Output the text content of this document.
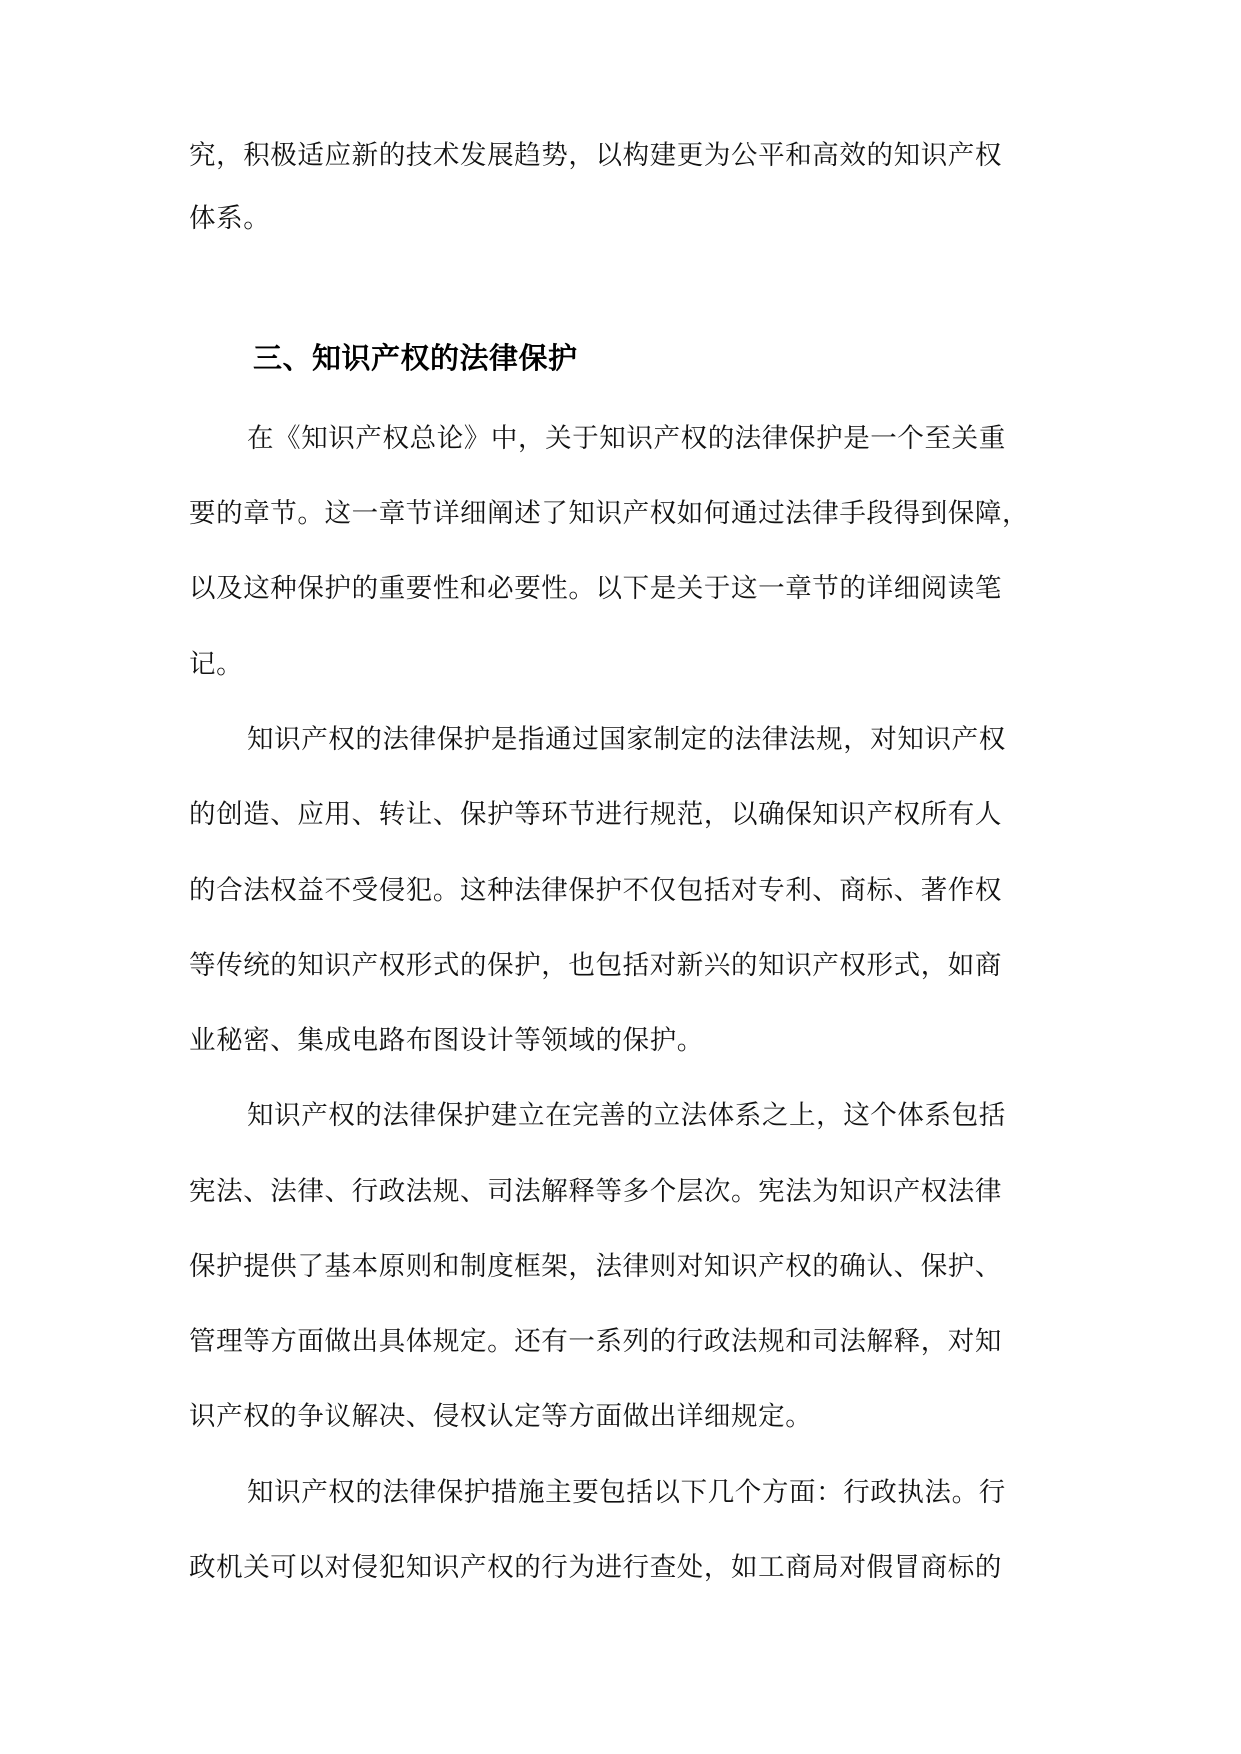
究，积极适应新的技术发展趋势，以构建更为公平和高效的知识产权

体系。

三、知识产权的法律保护

在《知识产权总论》中，关于知识产权的法律保护是一个至关重

要的章节。这一章节详细阐述了知识产权如何通过法律手段得到保障，

以及这种保护的重要性和必要性。以下是关于这一章节的详细阅读笔

记。

知识产权的法律保护是指通过国家制定的法律法规，对知识产权

的创造、应用、转让、保护等环节进行规范，以确保知识产权所有人

的合法权益不受侵犯。这种法律保护不仅包括对专利、商标、著作权

等传统的知识产权形式的保护，也包括对新兴的知识产权形式，如商

业秘密、集成电路布图设计等领域的保护。

知识产权的法律保护建立在完善的立法体系之上，这个体系包括

宪法、法律、行政法规、司法解释等多个层次。宪法为知识产权法律

保护提供了基本原则和制度框架，法律则对知识产权的确认、保护、

管理等方面做出具体规定。还有一系列的行政法规和司法解释，对知

识产权的争议解决、侵权认定等方面做出详细规定。

知识产权的法律保护措施主要包括以下几个方面：行政执法。行

政机关可以对侵犯知识产权的行为进行查处，如工商局对假冒商标的
